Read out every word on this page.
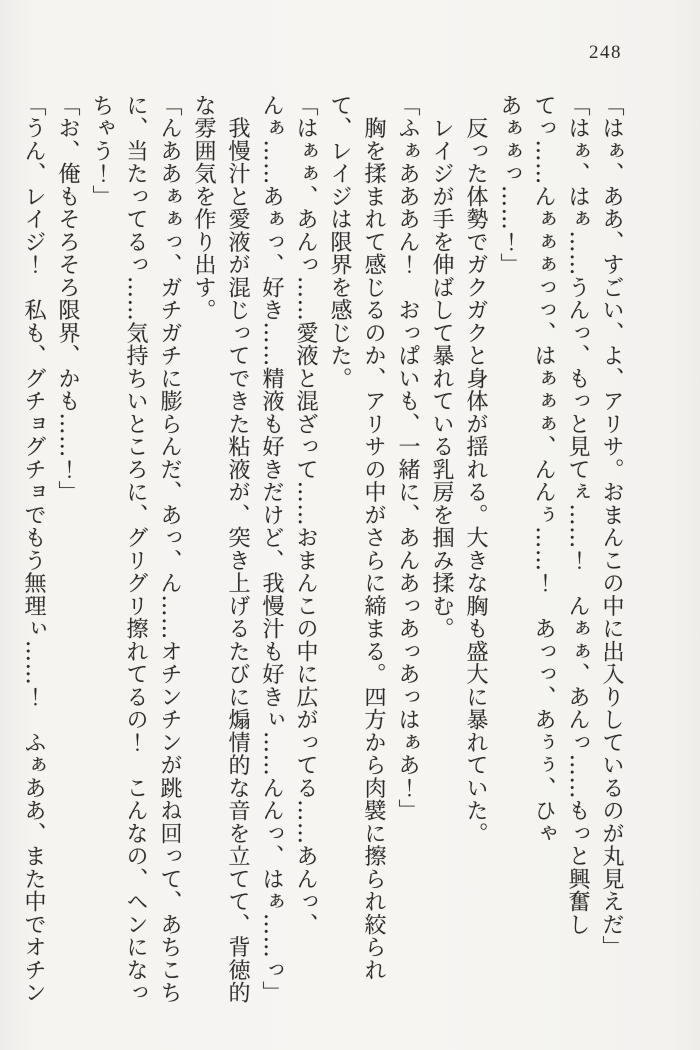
248

「はぁ、ああ、すごい、よ、アリサ。おまんこの中に出入りしているのが丸見えだ」

「はぁ、はぁ……うんっ、もっと見てぇ……！　んぁぁ、あんっ……もっと興奮してっ……んぁぁぁっっ、はぁぁぁ、んんぅ……！　あっっ、あぅぅ、ひゃあぁぁっ……！」

　反った体勢でガクガクと身体が揺れる。大きな胸も盛大に暴れていた。

　レイジが手を伸ばして暴れている乳房を掴み揉む。

「ふぁあああん！　おっぱいも、一緒に、あんあっあっあっはぁあ！」

　胸を揉まれて感じるのか、アリサの中がさらに締まる。四方から肉襞に擦られ絞られて、レイジは限界を感じた。

「はぁぁ、あんっ……愛液と混ざって……おまんこの中に広がってる……あんっ、んぁ……あぁっ、好き……精液も好きだけど、我慢汁も好きぃ……んんっ、はぁ……っ」

　我慢汁と愛液が混じってできた粘液が、突き上げるたびに煽情的な音を立てて、背徳的な雰囲気を作り出す。

「んああぁぁっ、ガチガチに膨らんだ、あっ、ん……オチンチンが跳ね回って、あちこちに、当たってるっ……気持ちいところに、グリグリ擦れてるの！　こんなの、ヘンになっちゃう！」

「お、俺もそろそろ限界、かも……！」

「うん、レイジ！　私も、グチョグチョでもう無理ぃ……！　ふぁああ、また中でオチン
